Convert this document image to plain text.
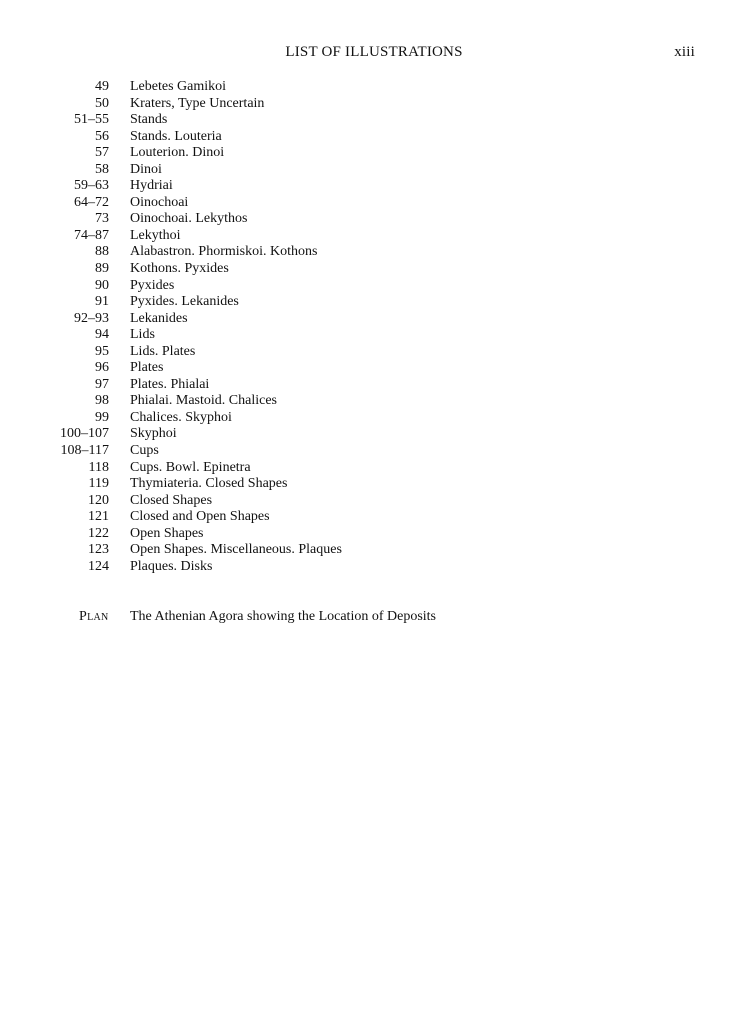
LIST OF ILLUSTRATIONS	xiii
49 Lebetes Gamikoi
50 Kraters, Type Uncertain
51–55 Stands
56 Stands. Louteria
57 Louterion. Dinoi
58 Dinoi
59–63 Hydriai
64–72 Oinochoai
73 Oinochoai. Lekythos
74–87 Lekythoi
88 Alabastron. Phormiskoi. Kothons
89 Kothons. Pyxides
90 Pyxides
91 Pyxides. Lekanides
92–93 Lekanides
94 Lids
95 Lids. Plates
96 Plates
97 Plates. Phialai
98 Phialai. Mastoid. Chalices
99 Chalices. Skyphoi
100–107 Skyphoi
108–117 Cups
118 Cups. Bowl. Epinetra
119 Thymiateria. Closed Shapes
120 Closed Shapes
121 Closed and Open Shapes
122 Open Shapes
123 Open Shapes. Miscellaneous. Plaques
124 Plaques. Disks
Plan The Athenian Agora showing the Location of Deposits
